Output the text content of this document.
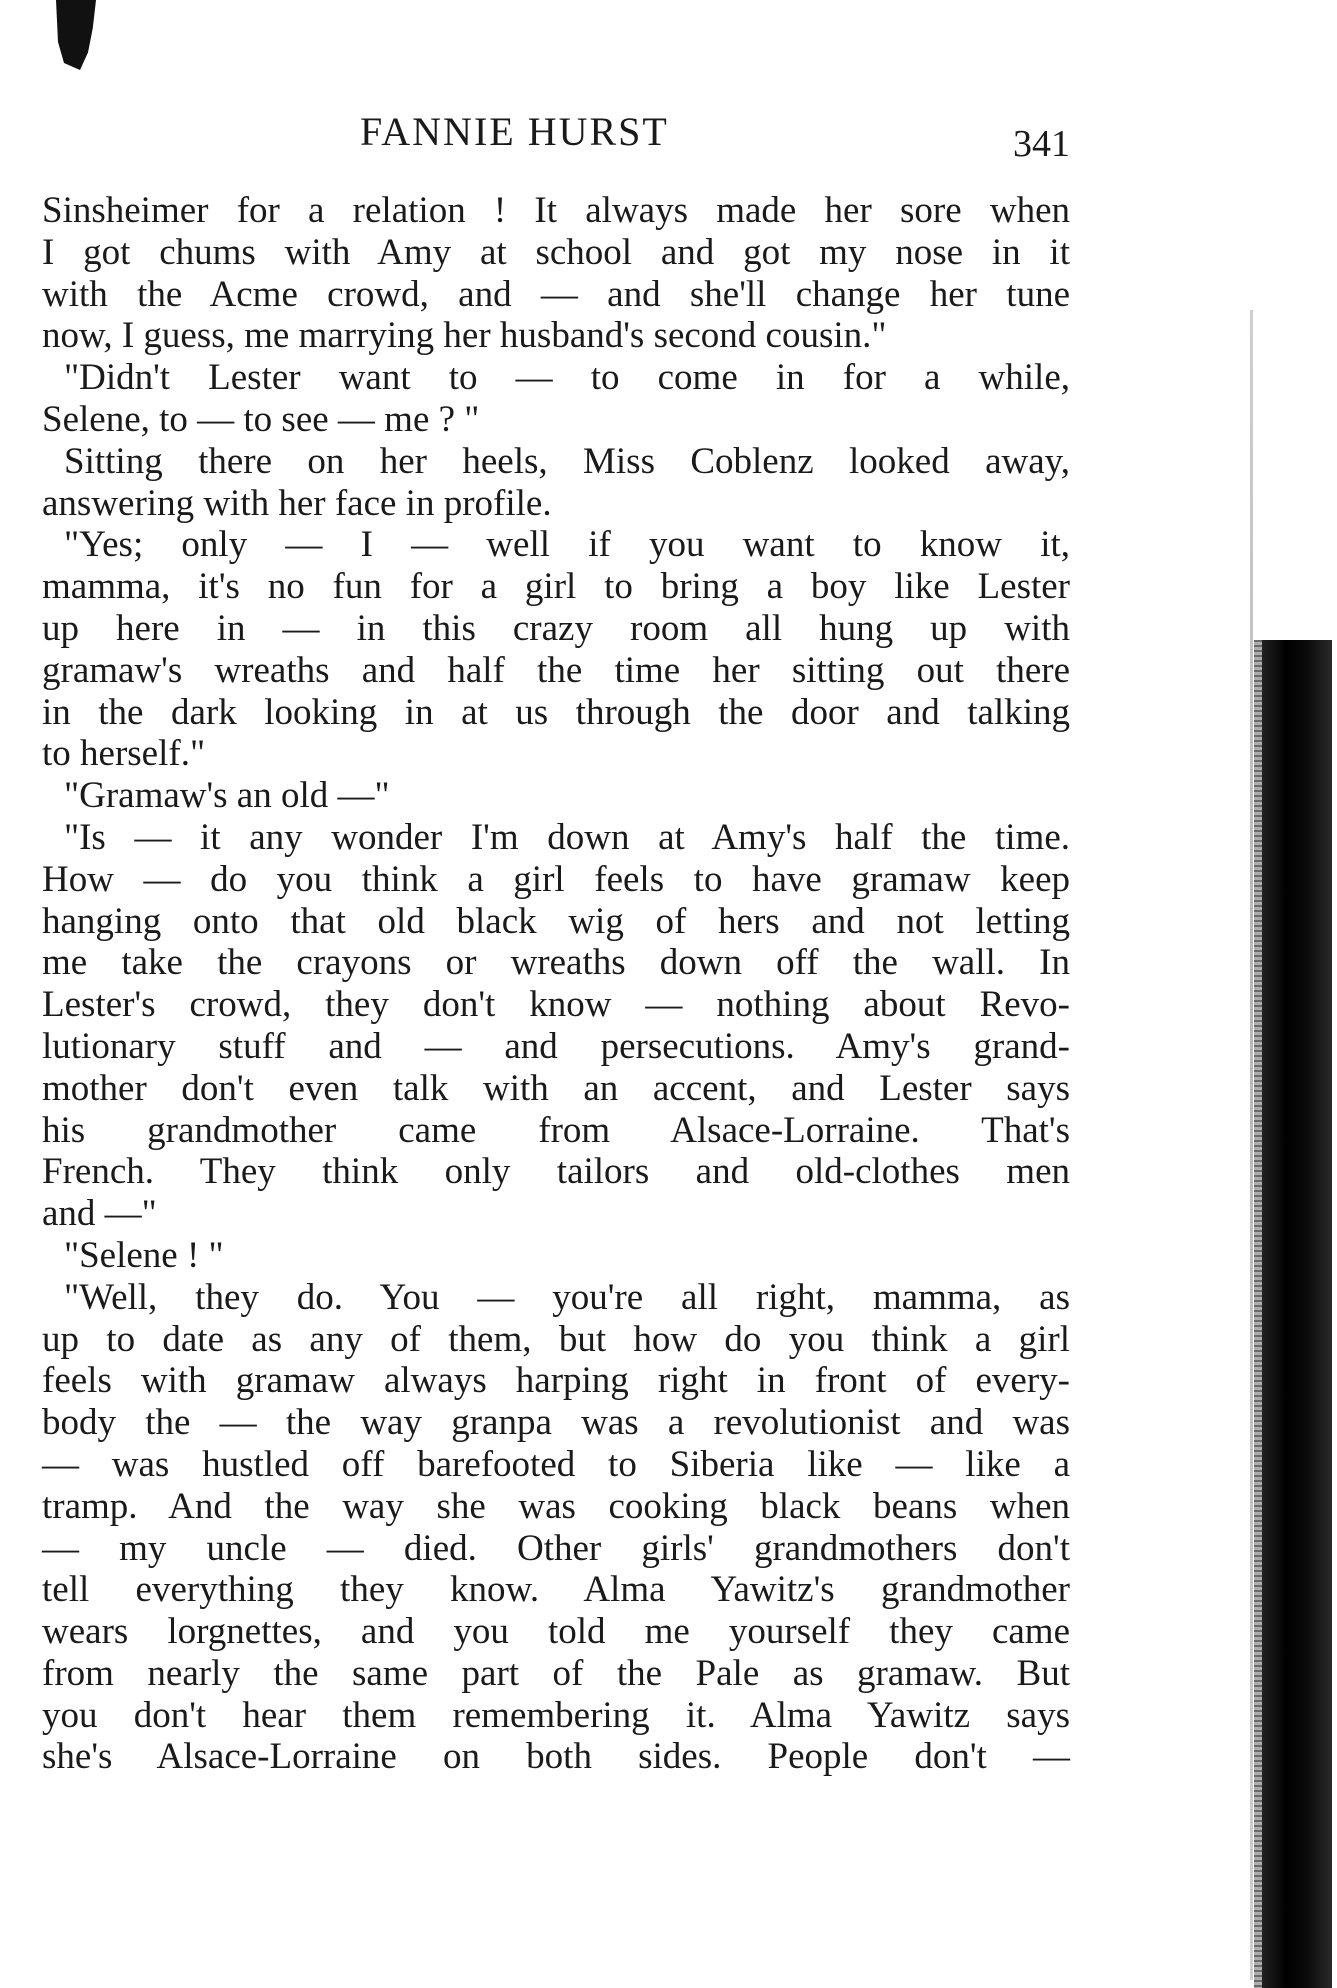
FANNIE HURST	341
Sinsheimer for a relation ! It always made her sore when
I got chums with Amy at school and got my nose in it
with the Acme crowd, and — and she'll change her tune
now, I guess, me marrying her husband's second cousin."
"Didn't Lester want to — to come in for a while,
Selene, to — to see — me ? "
Sitting there on her heels, Miss Coblenz looked away,
answering with her face in profile.
"Yes; only — I — well if you want to know it,
mamma, it's no fun for a girl to bring a boy like Lester
up here in — in this crazy room all hung up with
gramaw's wreaths and half the time her sitting out there
in the dark looking in at us through the door and talking
to herself."
"Gramaw's an old —"
"Is — it any wonder I'm down at Amy's half the time.
How — do you think a girl feels to have gramaw keep
hanging onto that old black wig of hers and not letting
me take the crayons or wreaths down off the wall. In
Lester's crowd, they don't know — nothing about Revo-
lutionary stuff and — and persecutions. Amy's grand-
mother don't even talk with an accent, and Lester says
his grandmother came from Alsace-Lorraine. That's
French. They think only tailors and old-clothes men
and —"
"Selene ! "
"Well, they do. You — you're all right, mamma, as
up to date as any of them, but how do you think a girl
feels with gramaw always harping right in front of every-
body the — the way granpa was a revolutionist and was
— was hustled off barefooted to Siberia like — like a
tramp. And the way she was cooking black beans when
— my uncle — died. Other girls' grandmothers don't
tell everything they know. Alma Yawitz's grandmother
wears lorgnettes, and you told me yourself they came
from nearly the same part of the Pale as gramaw. But
you don't hear them remembering it. Alma Yawitz says
she's Alsace-Lorraine on both sides. People don't —
